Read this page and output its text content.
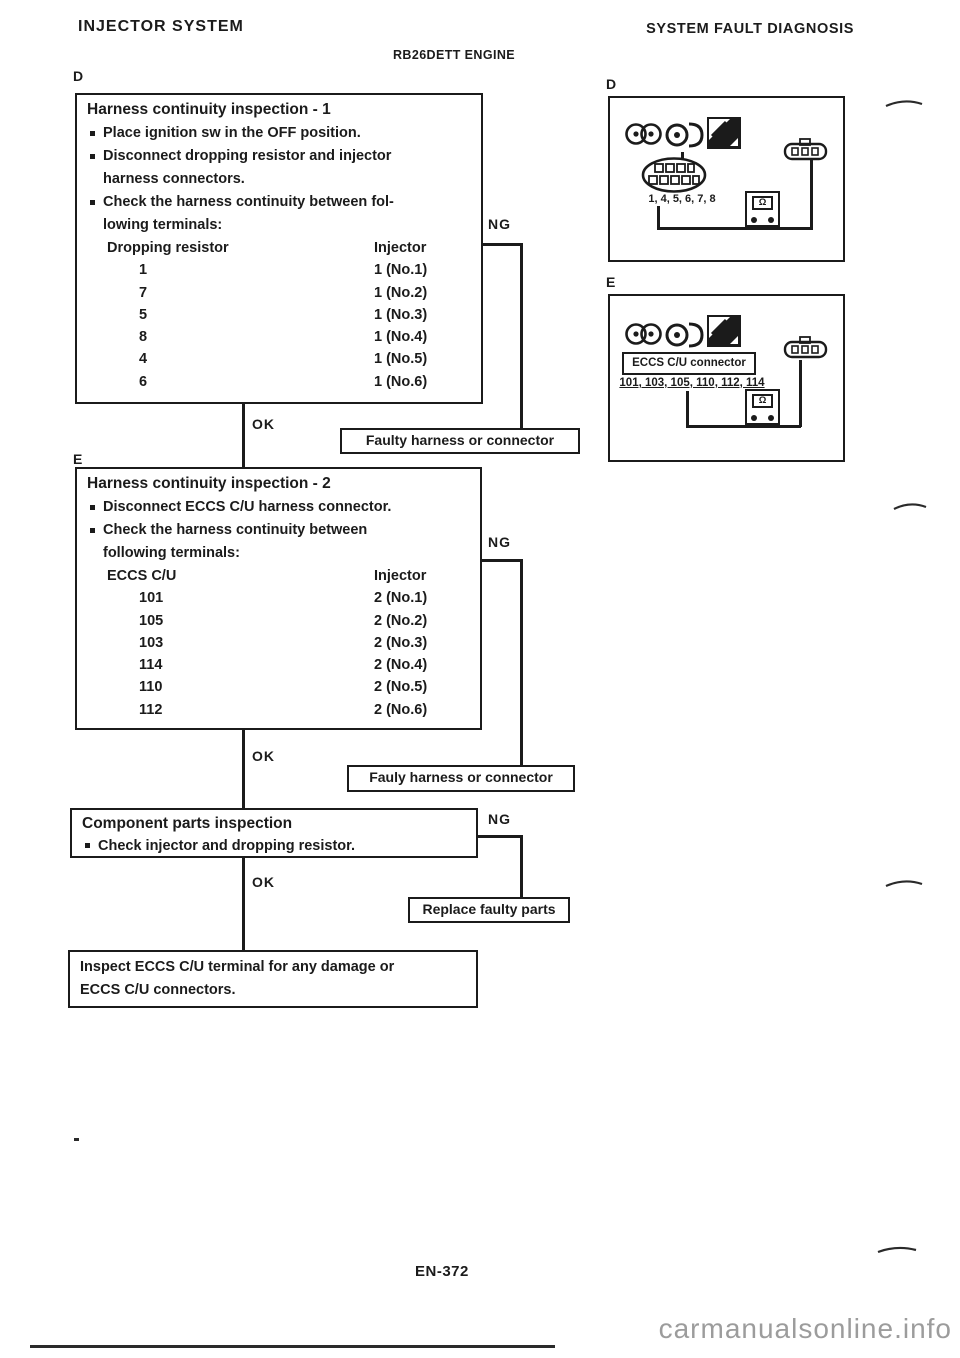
INJECTOR SYSTEM	SYSTEM FAULT DIAGNOSIS
RB26DETT ENGINE
D
Harness continuity inspection - 1
Place ignition sw in the OFF position.
Disconnect dropping resistor and injector
harness connectors.
Check the harness continuity between fol-
lowing terminals:
Dropping resistor	Injector
1	1 (No.1)
7	1 (No.2)
5	1 (No.3)
8	1 (No.4)
4	1 (No.5)
6	1 (No.6)
OK
NG
Faulty harness or connector
E
Harness continuity inspection - 2
Disconnect ECCS C/U harness connector.
Check the harness continuity between
following terminals:
ECCS C/U	Injector
101	2 (No.1)
105	2 (No.2)
103	2 (No.3)
114	2 (No.4)
110	2 (No.5)
112	2 (No.6)
OK
NG
Fauly harness or connector
Component parts inspection
Check injector and dropping resistor.
OK
NG
Replace faulty parts
Inspect ECCS C/U terminal for any damage or
ECCS C/U connectors.
D
1, 4, 5, 6, 7, 8	Ω
E
ECCS C/U connector
101, 103, 105, 110, 112, 114
Ω
EN-372
carmanualsonline.info
